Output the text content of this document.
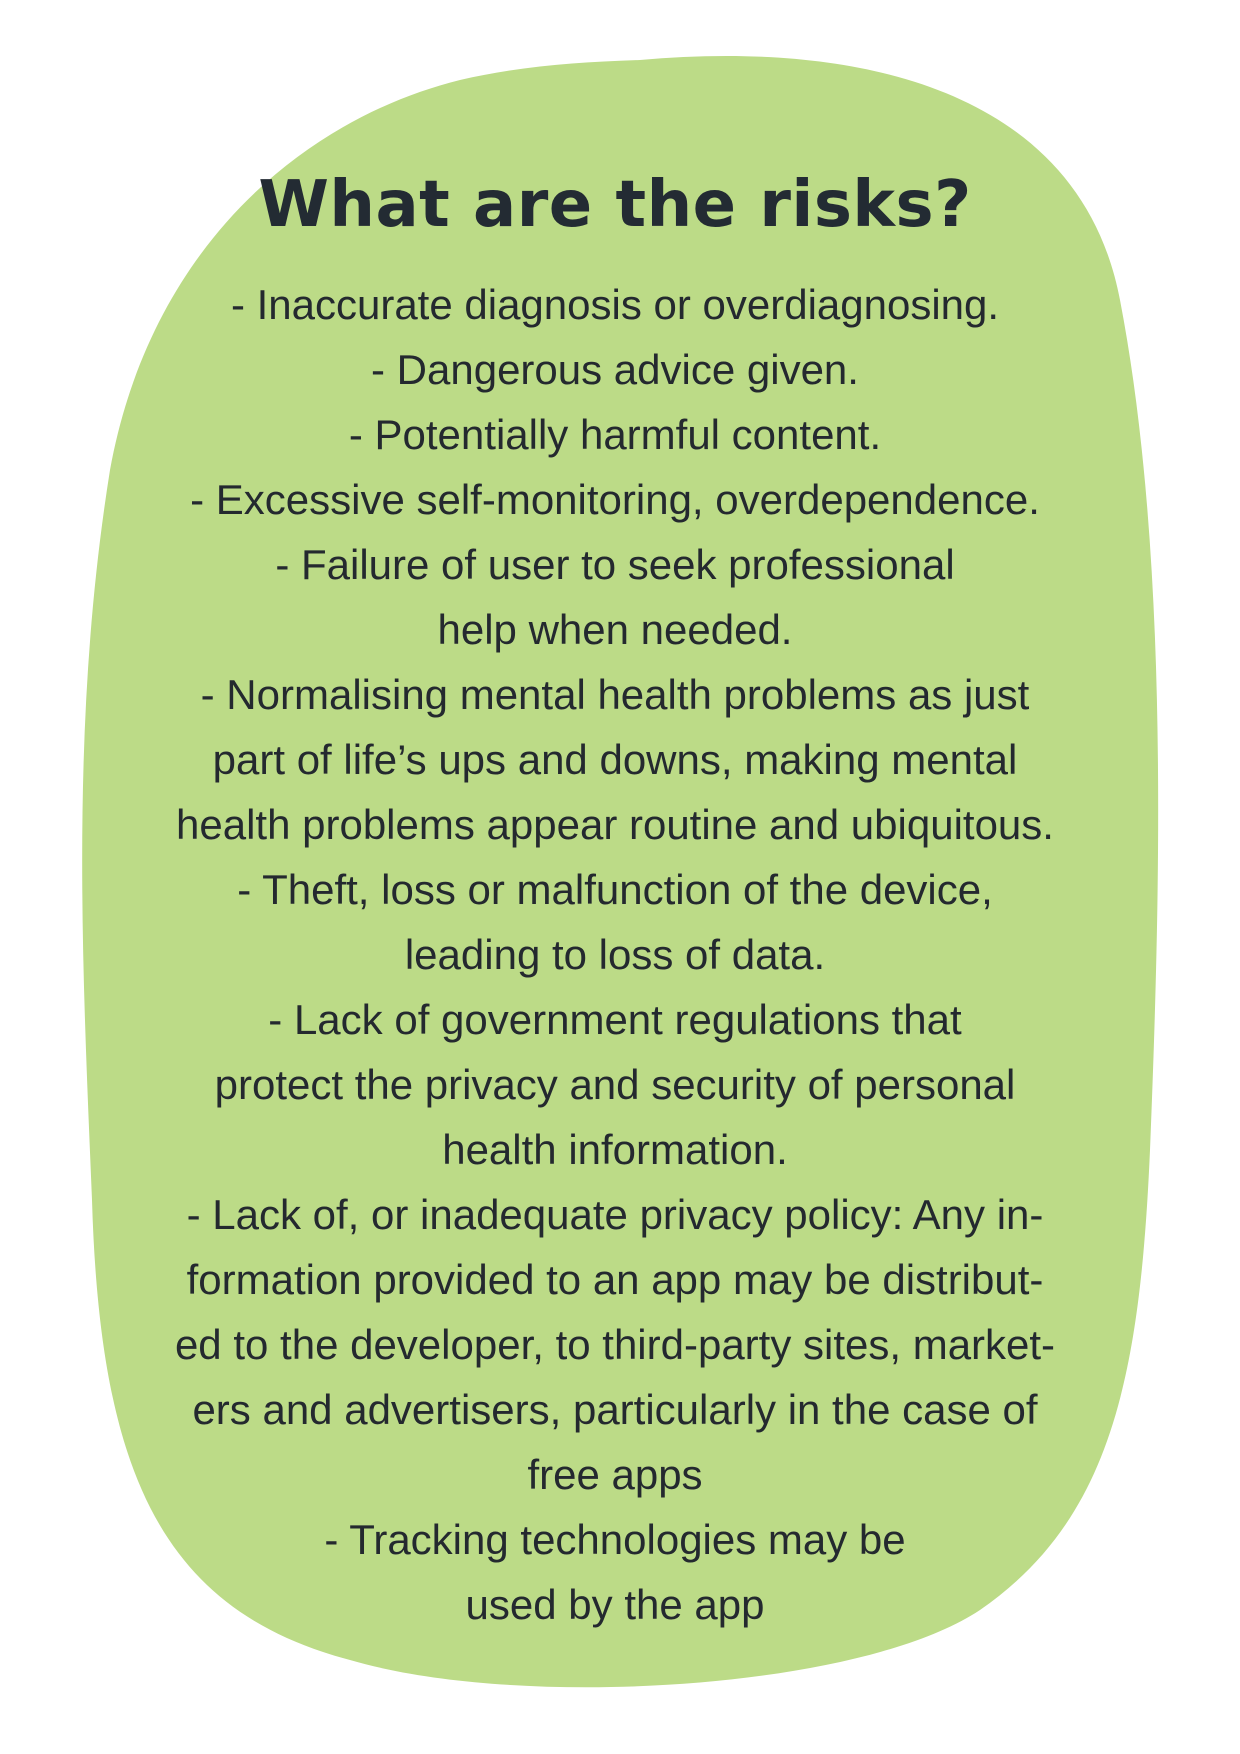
What are the risks?
- Inaccurate diagnosis or overdiagnosing.
- Dangerous advice given.
- Potentially harmful content.
- Excessive self-monitoring, overdependence.
- Failure of user to seek professional
help when needed.
- Normalising mental health problems as just
part of life’s ups and downs, making mental
health problems appear routine and ubiquitous.
- Theft, loss or malfunction of the device,
leading to loss of data.
- Lack of government regulations that
protect the privacy and security of personal
health information.
- Lack of, or inadequate privacy policy: Any in-
formation provided to an app may be distribut-
ed to the developer, to third-party sites, market-
ers and advertisers, particularly in the case of
free apps
- Tracking technologies may be
used by the app
